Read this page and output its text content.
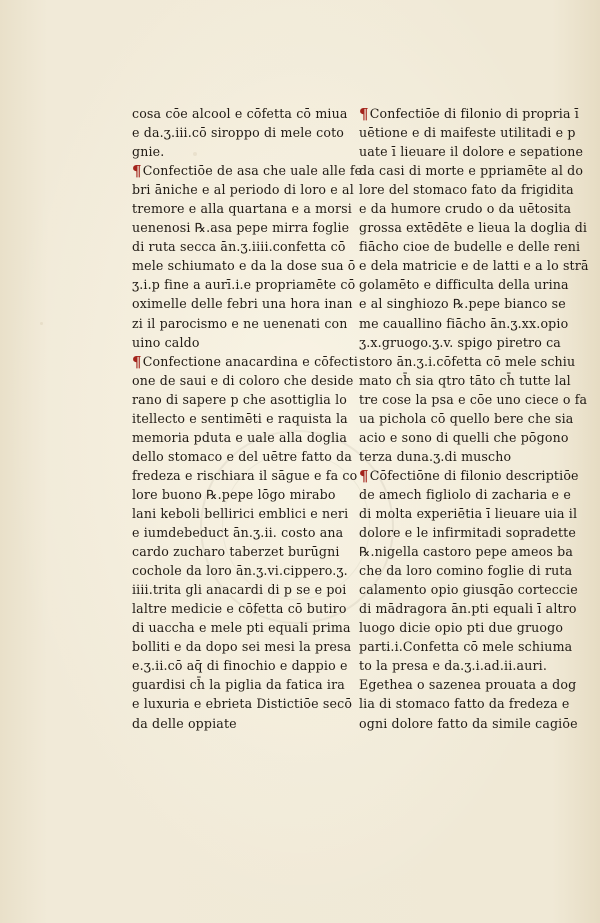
cosa cōe alcool e cōfetta cō miua
e da.ʒ.iii.cō siroppo di mele coto
gnie.
¶Confectiōe de asa che uale alle fe
bri āniche e al periodo di loro e al
tremore e alla quartana e a morsi
uenenosi ℞.asa pepe mirra foglie
di ruta secca ān.ʒ.iiii.confetta cō
mele schiumato e da la dose sua ō
ʒ.i.p fine a aurī.i.e propriamēte cō
oximelle delle febri una hora inan
zi il parocismo e ne uenenati con
uino caldo
¶Confectione anacardina e cōfecti
one de saui e di coloro che deside
rano di sapere p che asottiglia lo
itellecto e sentimēti e raquista la
memoria pduta e uale alla doglia
dello stomaco e del uētre fatto da
fredeza e rischiara il sāgue e fa co
lore buono ℞.pepe lōgo mirabo
lani keboli bellirici emblici e neri
e iumdebeduct ān.ʒ.ii. costo ana
cardo zucharo taberzet burūgni
cochole da loro ān.ʒ.vi.cippero.ʒ.
iiii.trita gli anacardi di p se e poi
laltre medicie e cōfetta cō butiro
di uaccha e mele pti equali prima
bolliti e da dopo sei mesi la presa
e.ʒ.ii.cō aq̄ di finochio e dappio e
guardisi ch̄ la piglia da fatica ira
e luxuria e ebrieta Distictiōe secō
da delle oppiate
¶Confectiōe di filonio di propria ī
uētione e di maifeste utilitadi e p
uate ī lieuare il dolore e sepatione
da casi di morte e ppriamēte al do
lore del stomaco fato da frigidita
e da humore crudo o da uētosita
grossa extēdēte e lieua la doglia di
fiācho cioe de budelle e delle reni
e dela matricie e de latti e a lo strā
golamēto e difficulta della urina
e al singhiozo ℞.pepe bianco se
me cauallino fiācho ān.ʒ.xx.opio
ʒ.x.gruogo.ʒ.v. spigo piretro ca
storo ān.ʒ.i.cōfetta cō mele schiu
mato ch̄ sia qtro tāto ch̄ tutte lal
tre cose la psa e cōe uno ciece o fa
ua pichola cō quello bere che sia
acio e sono di quelli che pōgono
terza duna.ʒ.di muscho
¶Cōfectiōne di filonio descriptiōe
de amech figliolo di zacharia e e
di molta experiētia ī lieuare uia il
dolore e le infirmitadi sopradette
℞.nigella castoro pepe ameos ba
che da loro comino foglie di ruta
calamento opio giusqāo corteccie
di mādragora ān.pti equali ī altro
luogo dicie opio pti due gruogo
parti.i.Confetta cō mele schiuma
to la presa e da.ʒ.i.ad.ii.auri.
Egethea o sazenea prouata a dog
lia di stomaco fatto da fredeza e
ogni dolore fatto da simile cagiōe
